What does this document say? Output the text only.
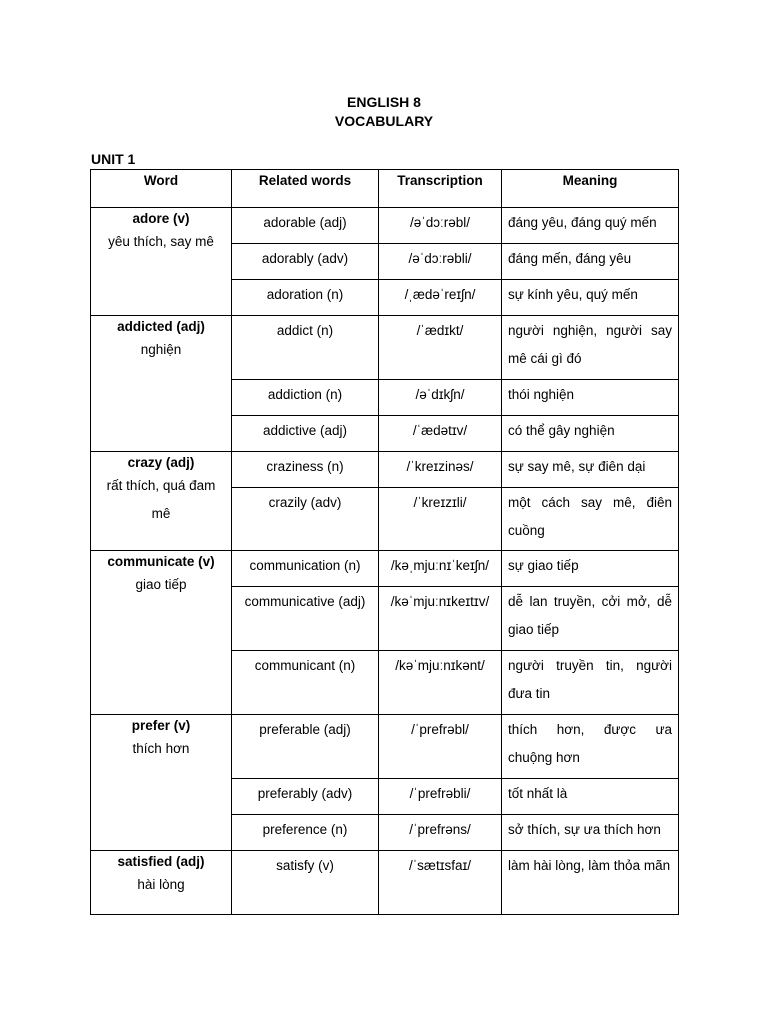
ENGLISH 8
VOCABULARY
UNIT 1
Word	Related words	Transcription	Meaning

adore (v)
yêu thích, say mê	adorable (adj)	/əˈdɔːrəbl/	đáng yêu, đáng quý mến
	adorably (adv)	/əˈdɔːrəbli/	đáng mến, đáng yêu
	adoration (n)	/ˌædəˈreɪʃn/	sự kính yêu, quý mến

addicted (adj)
nghiện	addict (n)	/ˈædɪkt/	người nghiện, người say mê cái gì đó
	addiction (n)	/əˈdɪkʃn/	thói nghiện
	addictive (adj)	/ˈædətɪv/	có thể gây nghiện

crazy (adj)
rất thích, quá đam mê	craziness (n)	/ˈkreɪzinəs/	sự say mê, sự điên dại
	crazily (adv)	/ˈkreɪzɪli/	một cách say mê, điên cuồng

communicate (v)
giao tiếp	communication (n)	/kəˌmjuːnɪˈkeɪʃn/	sự giao tiếp
	communicative (adj)	/kəˈmjuːnɪkeɪtɪv/	dễ lan truyền, cởi mở, dễ giao tiếp
	communicant (n)	/kəˈmjuːnɪkənt/	người truyền tin, người đưa tin

prefer (v)
thích hơn	preferable (adj)	/ˈprefrəbl/	thích hơn, được ưa chuộng hơn
	preferably (adv)	/ˈprefrəbli/	tốt nhất là
	preference (n)	/ˈprefrəns/	sở thích, sự ưa thích hơn

satisfied (adj)
hài lòng	satisfy (v)	/ˈsætɪsfaɪ/	làm hài lòng, làm thỏa mãn
